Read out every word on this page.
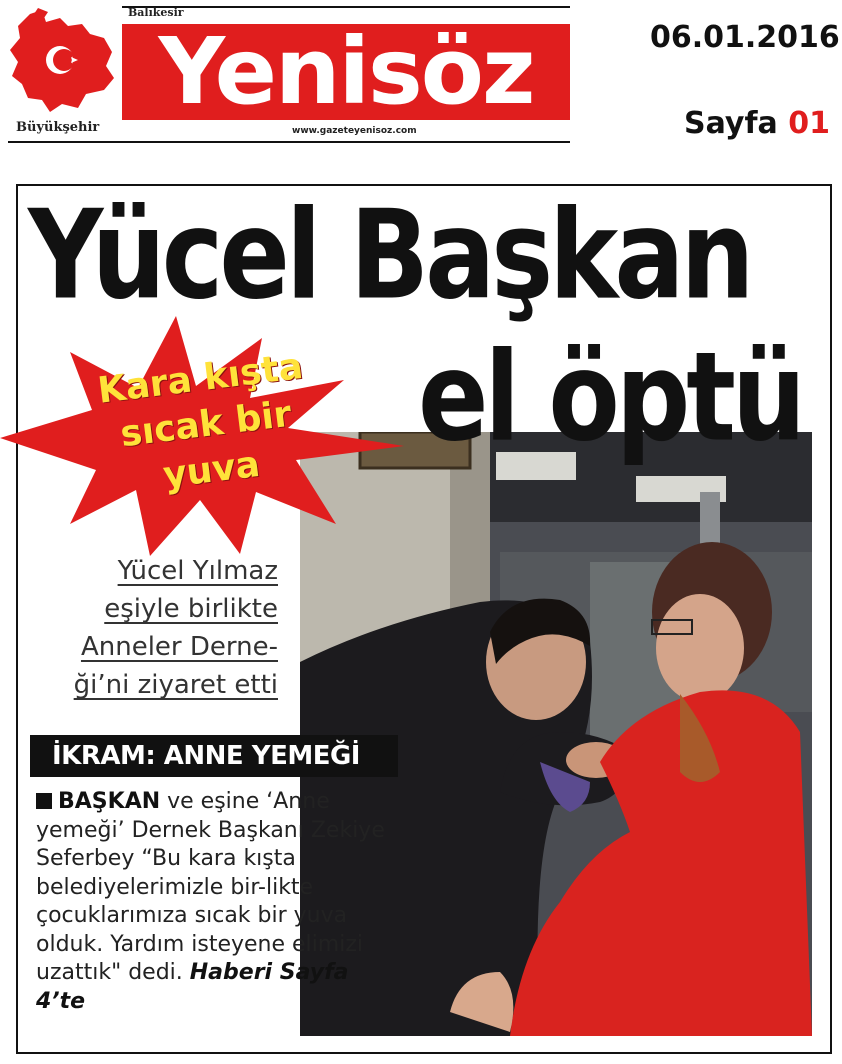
Büyükşehir
Balıkesir
Yenisöz
www.gazeteyenisoz.com
06.01.2016
Sayfa 01
Yücel Başkan
el öptü
Kara kışta sıcak bir yuva
Yücel Yılmaz
eşiyle birlikte
Anneler Derne-
ği’ni ziyaret etti
İKRAM: ANNE YEMEĞİ
BAŞKAN ve eşine ‘Anne yemeği’ Dernek Başkanı Zekiye Seferbey “Bu kara kışta belediyelerimizle bir-likte çocuklarımıza sıcak bir yuva olduk. Yardım isteyene elimizi uzattık" dedi. Haberi Sayfa 4’te
